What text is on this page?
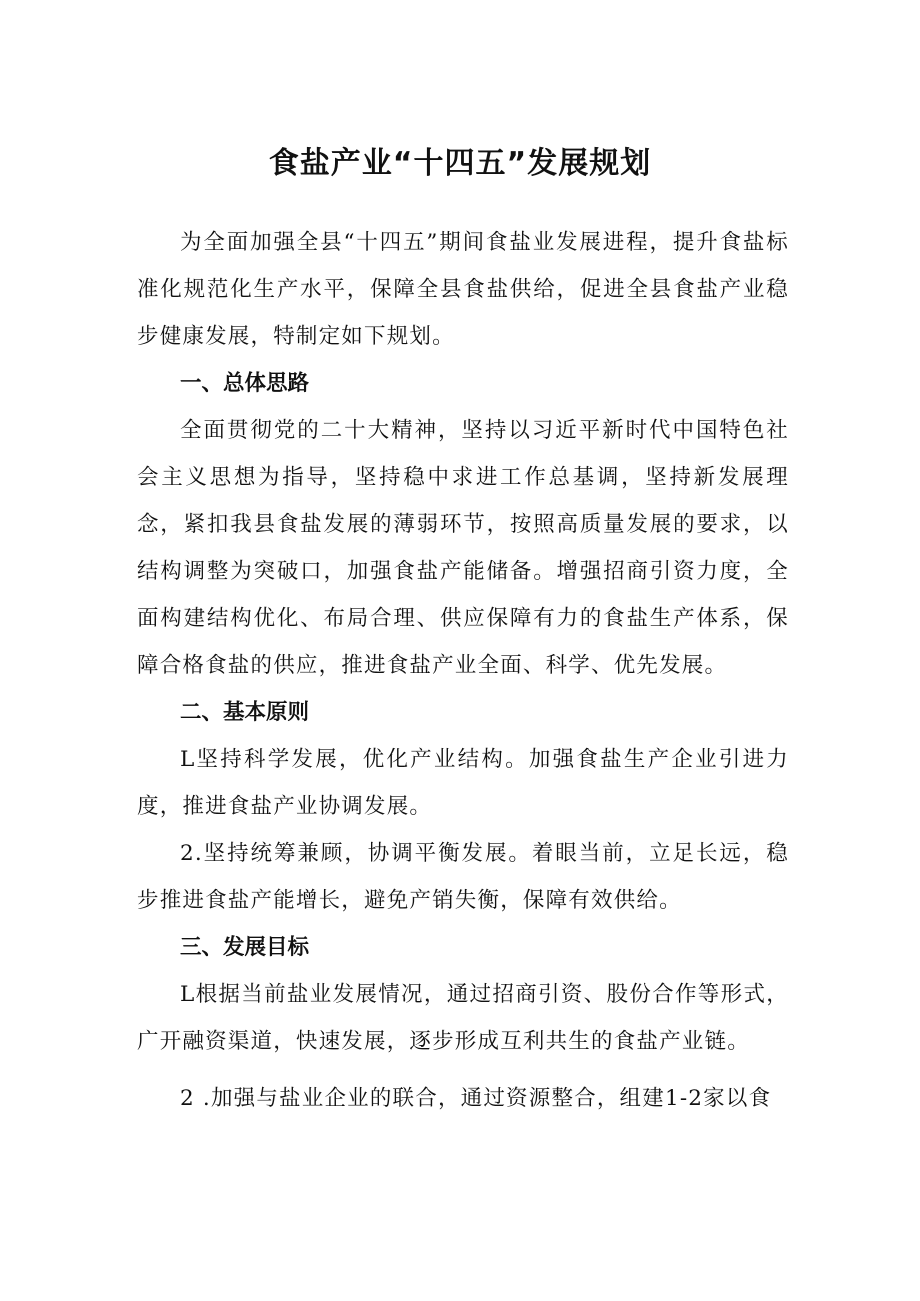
食盐产业“十四五”发展规划

为全面加强全县“十四五”期间食盐业发展进程，提升食盐标准化规范化生产水平，保障全县食盐供给，促进全县食盐产业稳步健康发展，特制定如下规划。

一、总体思路

全面贯彻党的二十大精神，坚持以习近平新时代中国特色社会主义思想为指导，坚持稳中求进工作总基调，坚持新发展理念，紧扣我县食盐发展的薄弱环节，按照高质量发展的要求，以结构调整为突破口，加强食盐产能储备。增强招商引资力度，全面构建结构优化、布局合理、供应保障有力的食盐生产体系，保障合格食盐的供应，推进食盐产业全面、科学、优先发展。

二、基本原则

L坚持科学发展，优化产业结构。加强食盐生产企业引进力度，推进食盐产业协调发展。

2.坚持统筹兼顾，协调平衡发展。着眼当前，立足长远，稳步推进食盐产能增长，避免产销失衡，保障有效供给。

三、发展目标

L根据当前盐业发展情况，通过招商引资、股份合作等形式，广开融资渠道，快速发展，逐步形成互利共生的食盐产业链。

2 .加强与盐业企业的联合，通过资源整合，组建1-2家以食
